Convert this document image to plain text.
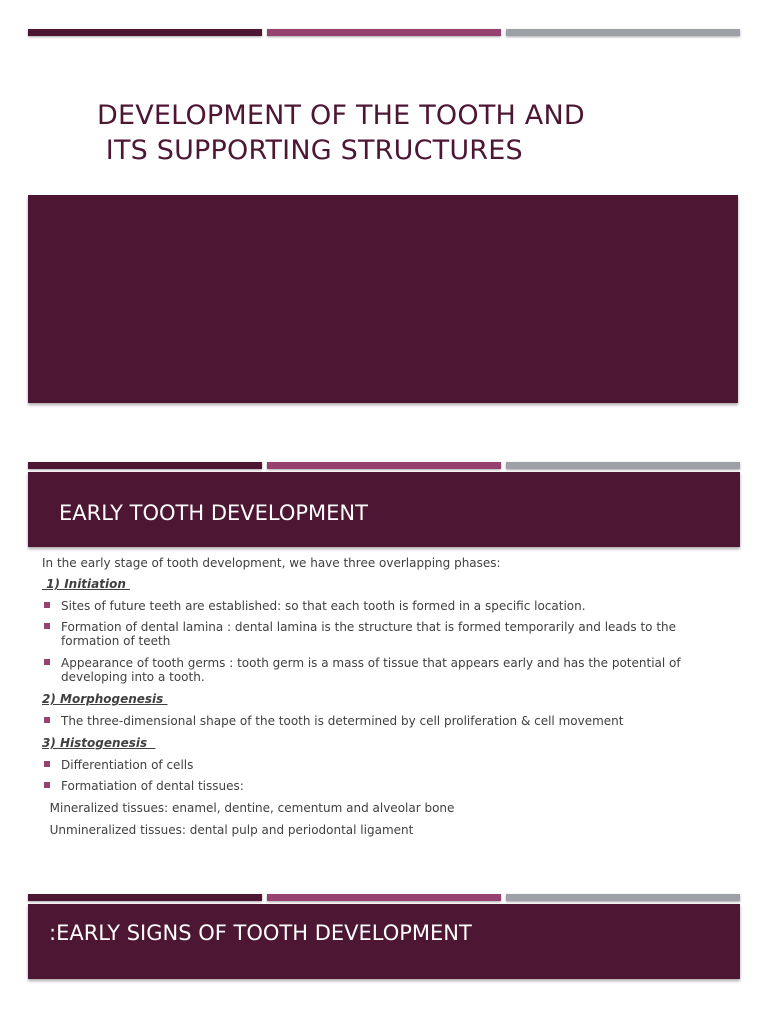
DEVELOPMENT OF THE TOOTH AND
ITS SUPPORTING STRUCTURES
EARLY TOOTH DEVELOPMENT
In the early stage of tooth development, we have three overlapping phases:
1) Initiation
Sites of future teeth are established: so that each tooth is formed in a specific location.
Formation of dental lamina : dental lamina is the structure that is formed temporarily and leads to the formation of teeth
Appearance of tooth germs : tooth germ is a mass of tissue that appears early and has the potential of developing into a tooth.
2) Morphogenesis
The three-dimensional shape of the tooth is determined by cell proliferation & cell movement
3) Histogenesis
Differentiation of cells
Formatiation of dental tissues:
Mineralized tissues: enamel, dentine, cementum and alveolar bone
Unmineralized tissues: dental pulp and periodontal ligament
:EARLY SIGNS OF TOOTH DEVELOPMENT
